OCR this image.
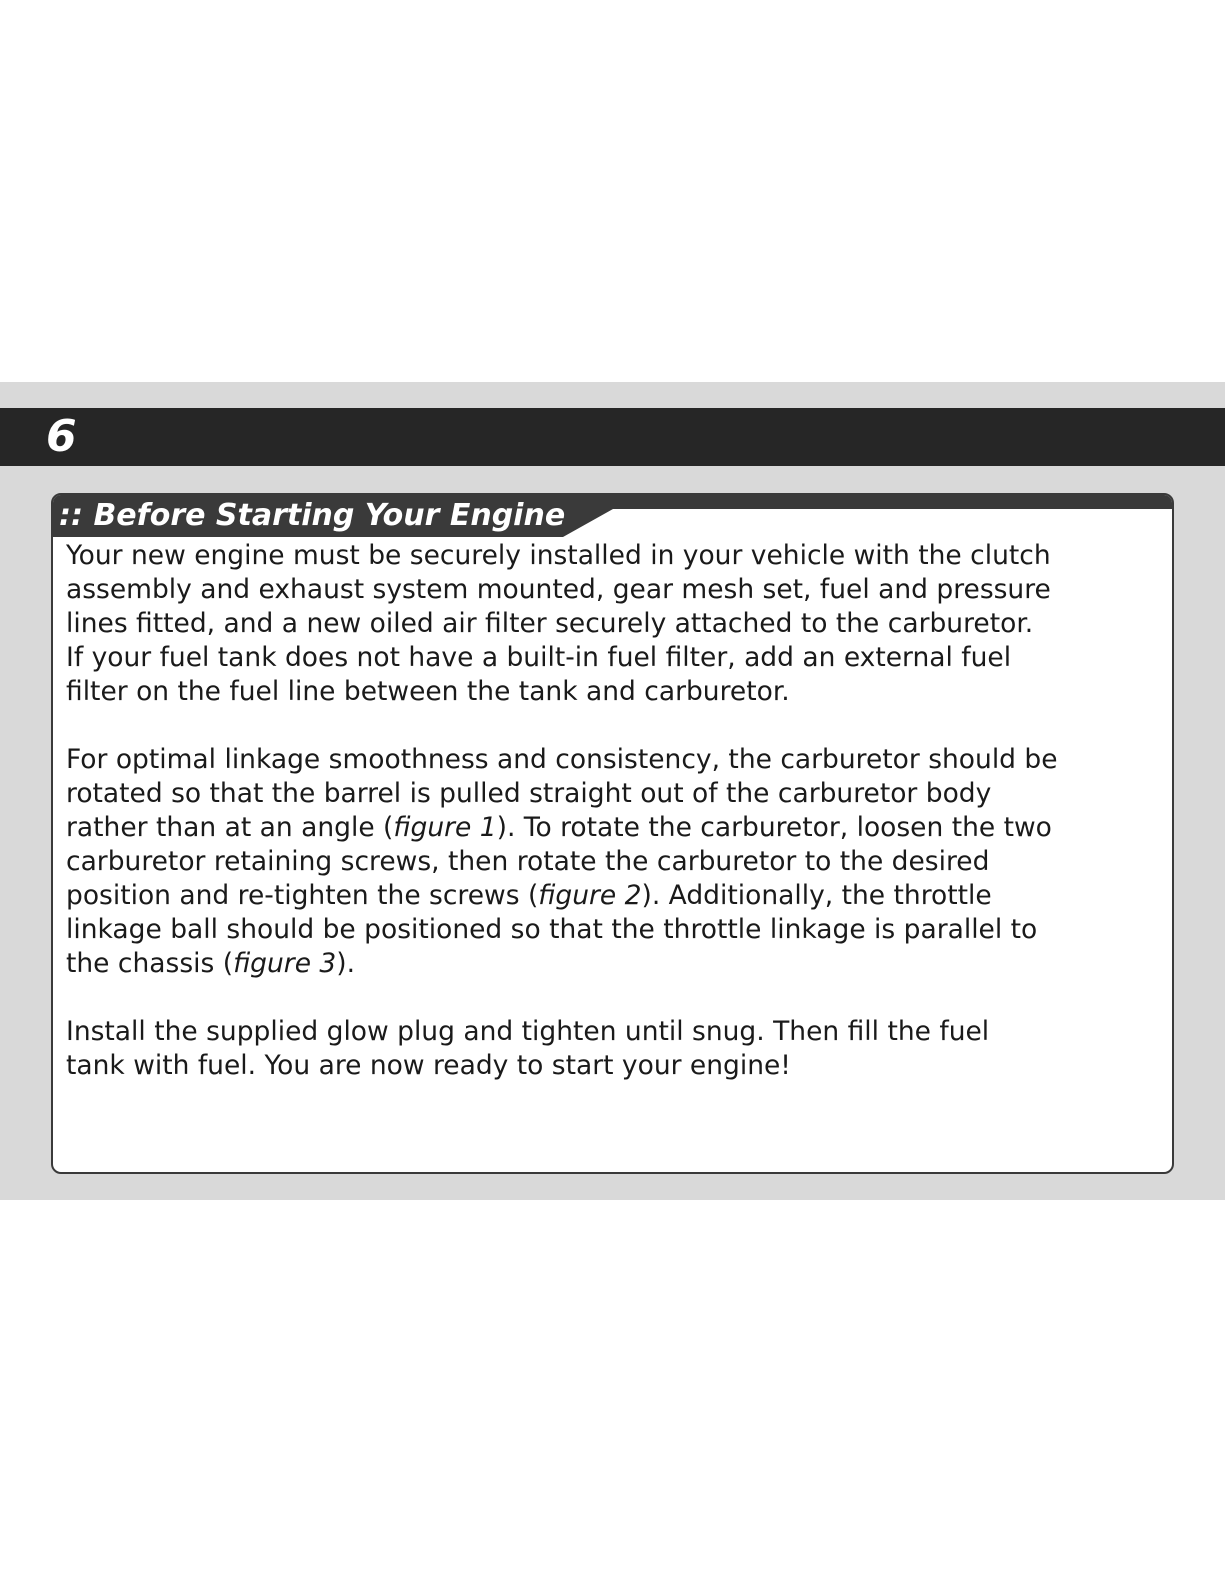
6
:: Before Starting Your Engine

Your new engine must be securely installed in your vehicle with the clutch
assembly and exhaust system mounted, gear mesh set, fuel and pressure
lines fitted, and a new oiled air filter securely attached to the carburetor.
If your fuel tank does not have a built-in fuel filter, add an external fuel
filter on the fuel line between the tank and carburetor.

For optimal linkage smoothness and consistency, the carburetor should be
rotated so that the barrel is pulled straight out of the carburetor body
rather than at an angle (figure 1). To rotate the carburetor, loosen the two
carburetor retaining screws, then rotate the carburetor to the desired
position and re-tighten the screws (figure 2). Additionally, the throttle
linkage ball should be positioned so that the throttle linkage is parallel to
the chassis (figure 3).

Install the supplied glow plug and tighten until snug. Then fill the fuel
tank with fuel. You are now ready to start your engine!
